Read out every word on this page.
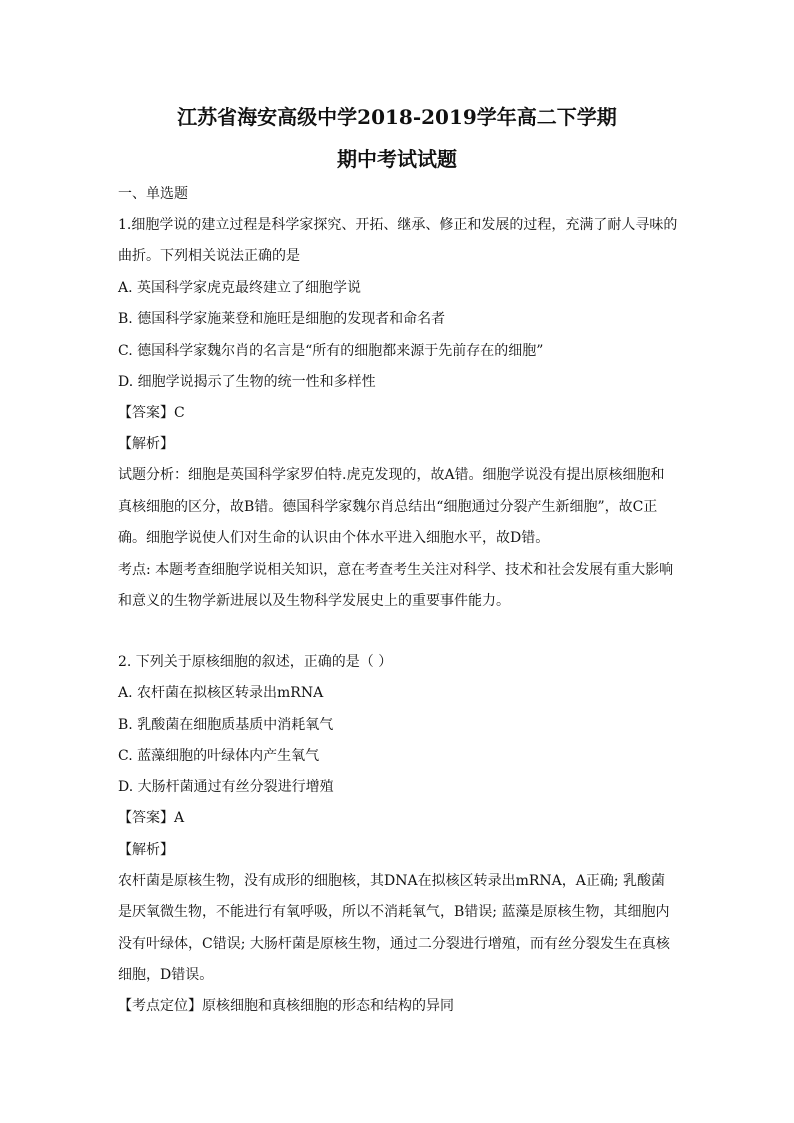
江苏省海安高级中学2018-2019学年高二下学期
期中考试试题
一、单选题
1.细胞学说的建立过程是科学家探究、开拓、继承、修正和发展的过程，充满了耐人寻味的
曲折。下列相关说法正确的是
A. 英国科学家虎克最终建立了细胞学说
B. 德国科学家施莱登和施旺是细胞的发现者和命名者
C. 德国科学家魏尔肖的名言是“所有的细胞都来源于先前存在的细胞”
D. 细胞学说揭示了生物的统一性和多样性
【答案】C
【解析】
试题分析：细胞是英国科学家罗伯特.虎克发现的，故A错。细胞学说没有提出原核细胞和
真核细胞的区分，故B错。德国科学家魏尔肖总结出“细胞通过分裂产生新细胞”，故C正
确。细胞学说使人们对生命的认识由个体水平进入细胞水平，故D错。
考点: 本题考查细胞学说相关知识，意在考查考生关注对科学、技术和社会发展有重大影响
和意义的生物学新进展以及生物科学发展史上的重要事件能力。
2. 下列关于原核细胞的叙述，正确的是（ ）
A. 农杆菌在拟核区转录出mRNA
B. 乳酸菌在细胞质基质中消耗氧气
C. 蓝藻细胞的叶绿体内产生氧气
D. 大肠杆菌通过有丝分裂进行增殖
【答案】A
【解析】
农杆菌是原核生物，没有成形的细胞核，其DNA在拟核区转录出mRNA，A正确; 乳酸菌
是厌氧微生物，不能进行有氧呼吸，所以不消耗氧气，B错误; 蓝藻是原核生物，其细胞内
没有叶绿体，C错误; 大肠杆菌是原核生物，通过二分裂进行增殖，而有丝分裂发生在真核
细胞，D错误。
【考点定位】原核细胞和真核细胞的形态和结构的异同
